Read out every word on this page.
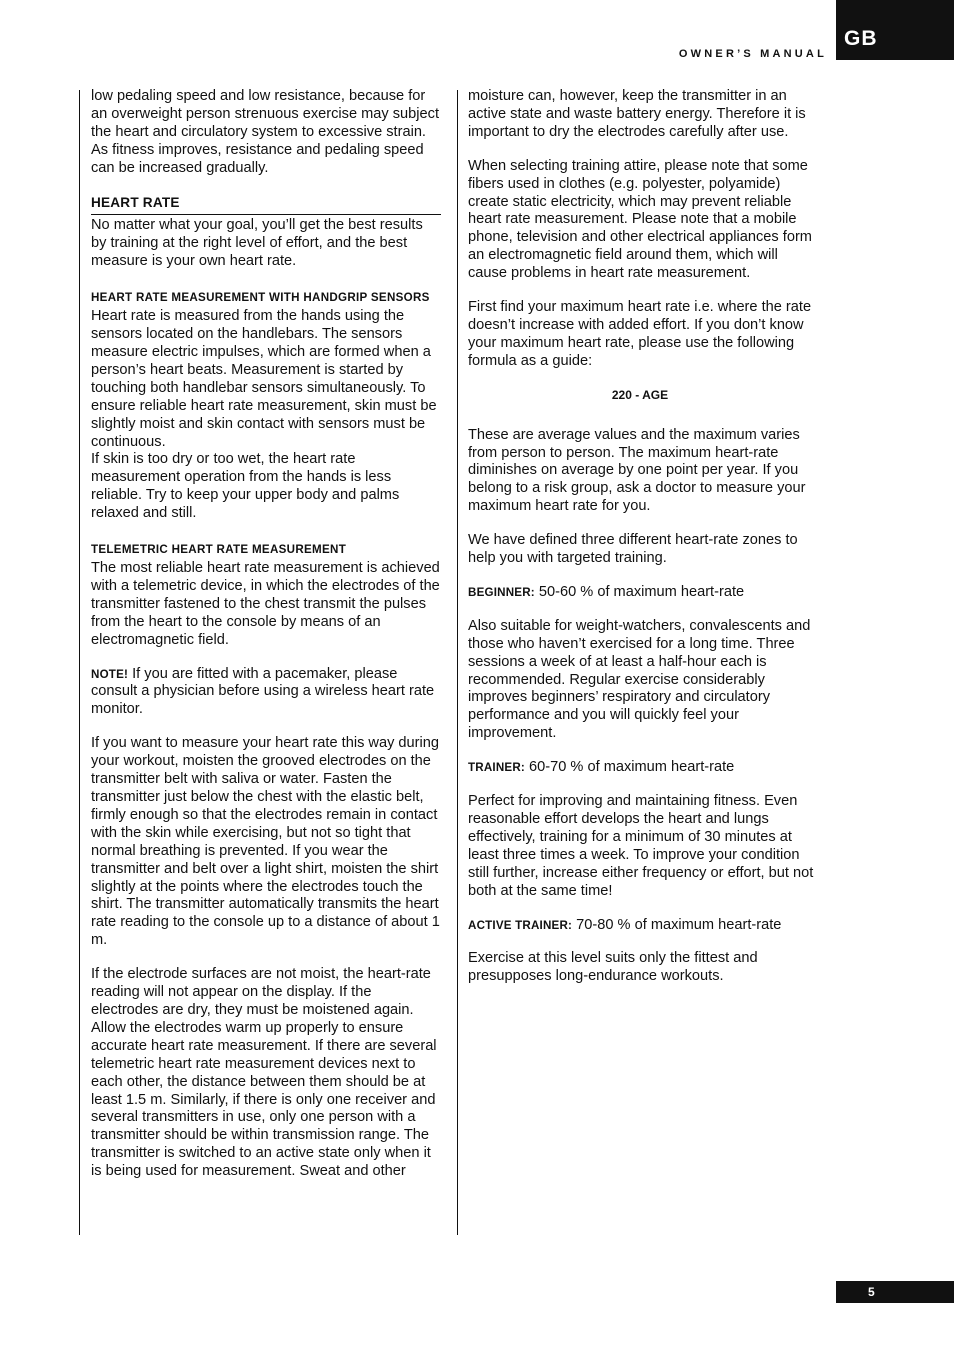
GB
OWNER’S MANUAL

low pedaling speed and low resistance, because for an overweight person strenuous exercise may subject the heart and circulatory system to excessive strain. As fitness improves, resistance and pedaling speed can be increased gradually.

HEART RATE

No matter what your goal, you’ll get the best results by training at the right level of effort, and the best measure is your own heart rate.

HEART RATE MEASUREMENT WITH HANDGRIP SENSORS

Heart rate is measured from the hands using the sensors located on the handlebars. The sensors measure electric impulses, which are formed when a person’s heart beats. Measurement is started by touching both handlebar sensors simultaneously. To ensure reliable heart rate measurement, skin must be slightly moist and skin contact with sensors must be continuous.

If skin is too dry or too wet, the heart rate measurement operation from the hands is less reliable. Try to keep your upper body and palms relaxed and still.

TELEMETRIC HEART RATE MEASUREMENT

The most reliable heart rate measurement is achieved with a telemetric device, in which the electrodes of the transmitter fastened to the chest transmit the pulses from the heart to the console by means of an electromagnetic field.

NOTE! If you are fitted with a pacemaker, please consult a physician before using a wireless heart rate monitor.

If you want to measure your heart rate this way during your workout, moisten the grooved electrodes on the transmitter belt with saliva or water. Fasten the transmitter just below the chest with the elastic belt, firmly enough so that the electrodes remain in contact with the skin while exercising, but not so tight that normal breathing is prevented. If you wear the transmitter and belt over a light shirt, moisten the shirt slightly at the points where the electrodes touch the shirt. The transmitter automatically transmits the heart rate reading to the console up to a distance of about 1 m.

If the electrode surfaces are not moist, the heart-rate reading will not appear on the display. If the electrodes are dry, they must be moistened again. Allow the electrodes warm up properly to ensure accurate heart rate measurement. If there are several telemetric heart rate measurement devices next to each other, the distance between them should be at least 1.5 m. Similarly, if there is only one receiver and several transmitters in use, only one person with a transmitter should be within transmission range. The transmitter is switched to an active state only when it is being used for measurement. Sweat and other

moisture can, however, keep the transmitter in an active state and waste battery energy. Therefore it is important to dry the electrodes carefully after use.

When selecting training attire, please note that some fibers used in clothes (e.g. polyester, polyamide) create static electricity, which may prevent reliable heart rate measurement. Please note that a mobile phone, television and other electrical appliances form an electromagnetic field around them, which will cause problems in heart rate measurement.

First find your maximum heart rate i.e. where the rate doesn’t increase with added effort. If you don’t know your maximum heart rate, please use the following formula as a guide:

220 - AGE

These are average values and the maximum varies from person to person. The maximum heart-rate diminishes on average by one point per year. If you belong to a risk group, ask a doctor to measure your maximum heart rate for you.

We have defined three different heart-rate zones to help you with targeted training.

BEGINNER: 50-60 % of maximum heart-rate

Also suitable for weight-watchers, convalescents and those who haven’t exercised for a long time. Three sessions a week of at least a half-hour each is recommended. Regular exercise considerably improves beginners’ respiratory and circulatory performance and you will quickly feel your improvement.

TRAINER: 60-70 % of maximum heart-rate

Perfect for improving and maintaining fitness. Even reasonable effort develops the heart and lungs effectively, training for a minimum of 30 minutes at least three times a week. To improve your condition still further, increase either frequency or effort, but not both at the same time!

ACTIVE TRAINER: 70-80 % of maximum heart-rate

Exercise at this level suits only the fittest and presupposes long-endurance workouts.

5
